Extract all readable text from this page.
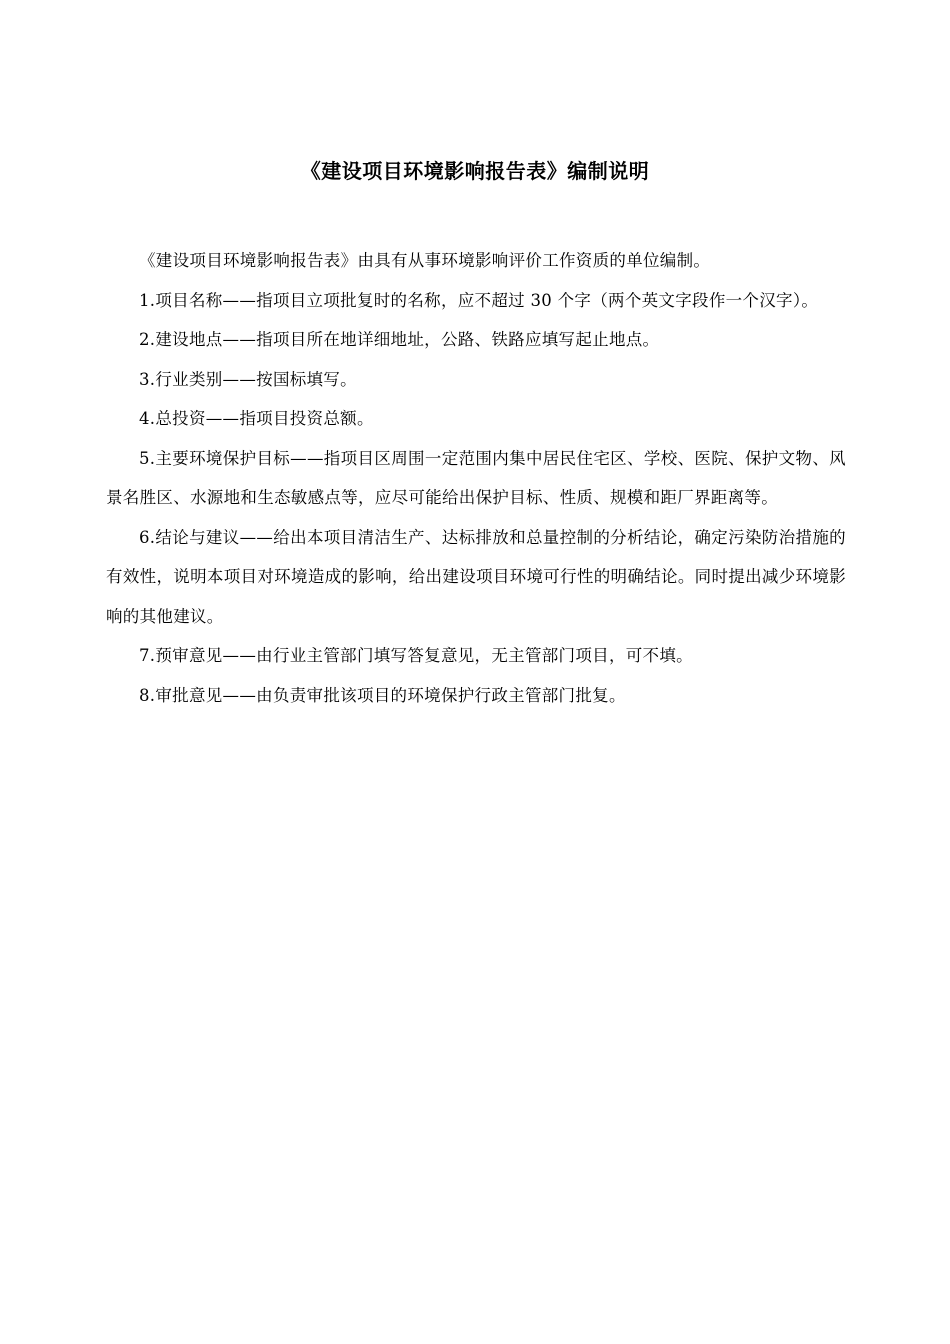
《建设项目环境影响报告表》编制说明

《建设项目环境影响报告表》由具有从事环境影响评价工作资质的单位编制。

1.项目名称——指项目立项批复时的名称，应不超过 30 个字（两个英文字段作一个汉字）。

2.建设地点——指项目所在地详细地址，公路、铁路应填写起止地点。

3.行业类别——按国标填写。

4.总投资——指项目投资总额。

5.主要环境保护目标——指项目区周围一定范围内集中居民住宅区、学校、医院、保护文物、风景名胜区、水源地和生态敏感点等，应尽可能给出保护目标、性质、规模和距厂界距离等。

6.结论与建议——给出本项目清洁生产、达标排放和总量控制的分析结论，确定污染防治措施的有效性，说明本项目对环境造成的影响，给出建设项目环境可行性的明确结论。同时提出减少环境影响的其他建议。

7.预审意见——由行业主管部门填写答复意见，无主管部门项目，可不填。

8.审批意见——由负责审批该项目的环境保护行政主管部门批复。
